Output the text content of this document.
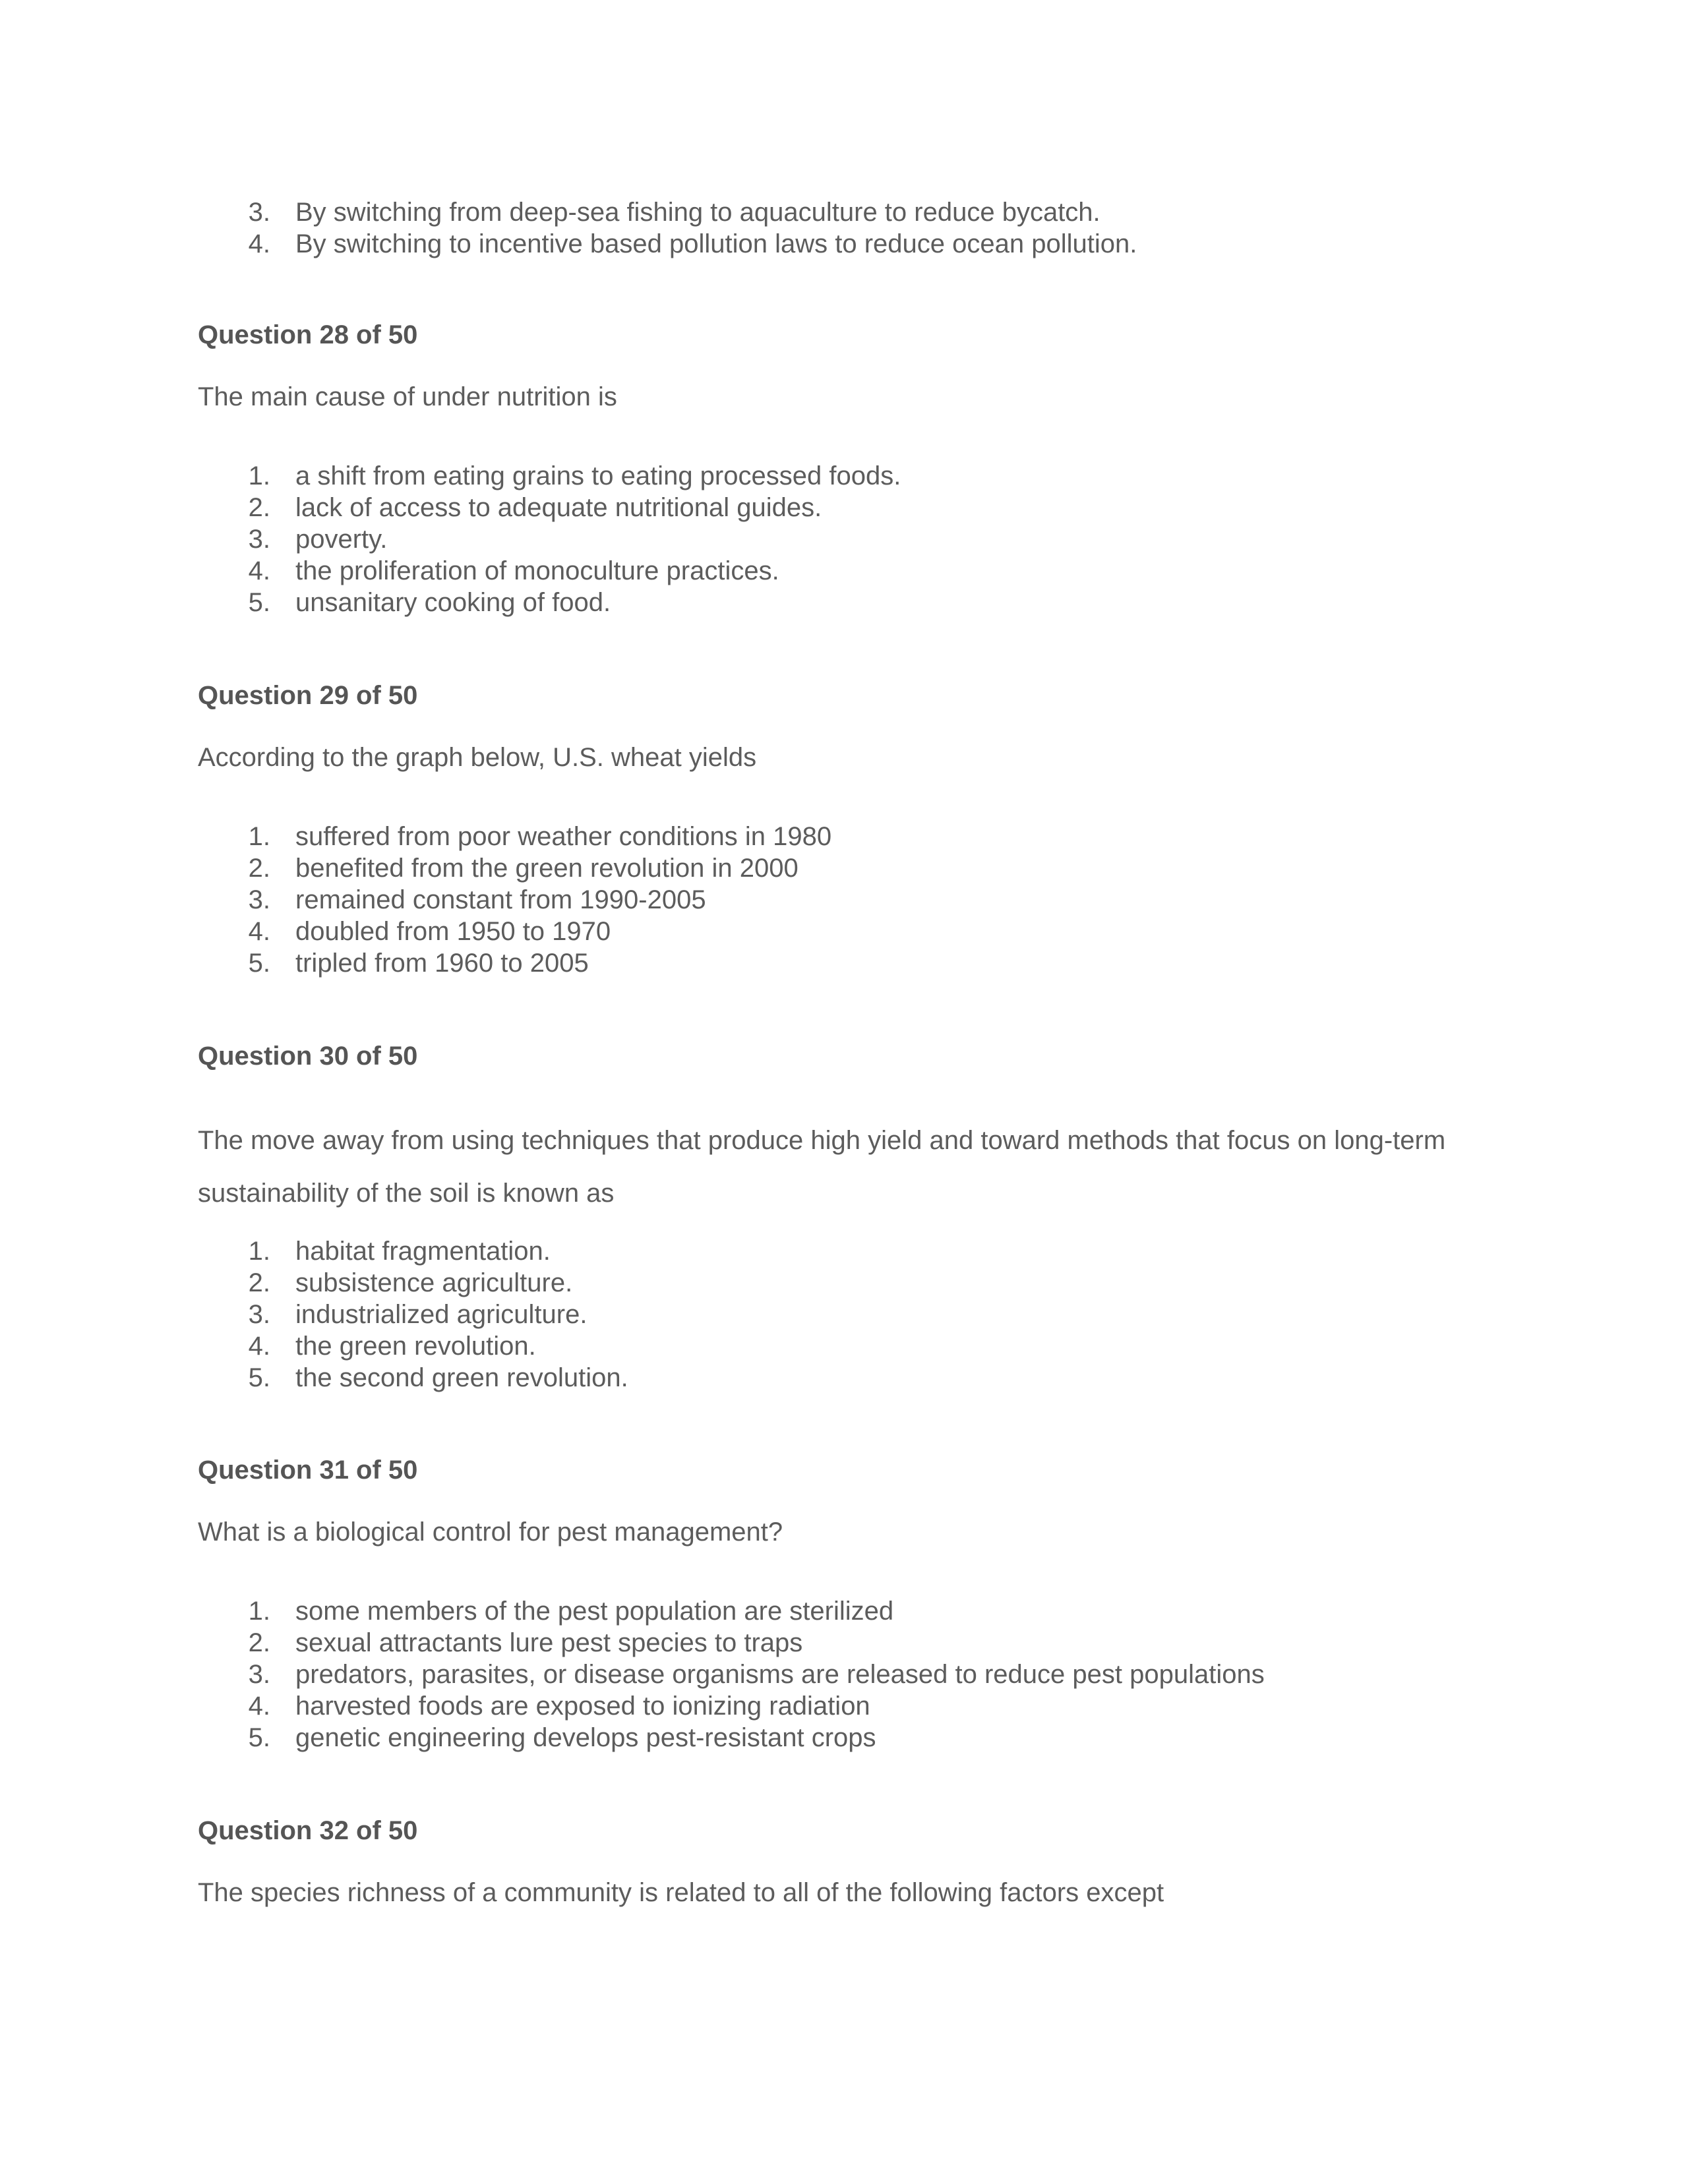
3. By switching from deep-sea fishing to aquaculture to reduce bycatch.
4. By switching to incentive based pollution laws to reduce ocean pollution.
Question 28 of 50

The main cause of under nutrition is

1. a shift from eating grains to eating processed foods.
2. lack of access to adequate nutritional guides.
3. poverty.
4. the proliferation of monoculture practices.
5. unsanitary cooking of food.
Question 29 of 50

According to the graph below, U.S. wheat yields

1. suffered from poor weather conditions in 1980
2. benefited from the green revolution in 2000
3. remained constant from 1990-2005
4. doubled from 1950 to 1970
5. tripled from 1960 to 2005
Question 30 of 50

The move away from using techniques that produce high yield and toward methods that focus on long-term sustainability of the soil is known as

1. habitat fragmentation.
2. subsistence agriculture.
3. industrialized agriculture.
4. the green revolution.
5. the second green revolution.
Question 31 of 50

What is a biological control for pest management?

1. some members of the pest population are sterilized
2. sexual attractants lure pest species to traps
3. predators, parasites, or disease organisms are released to reduce pest populations
4. harvested foods are exposed to ionizing radiation
5. genetic engineering develops pest-resistant crops
Question 32 of 50

The species richness of a community is related to all of the following factors except
